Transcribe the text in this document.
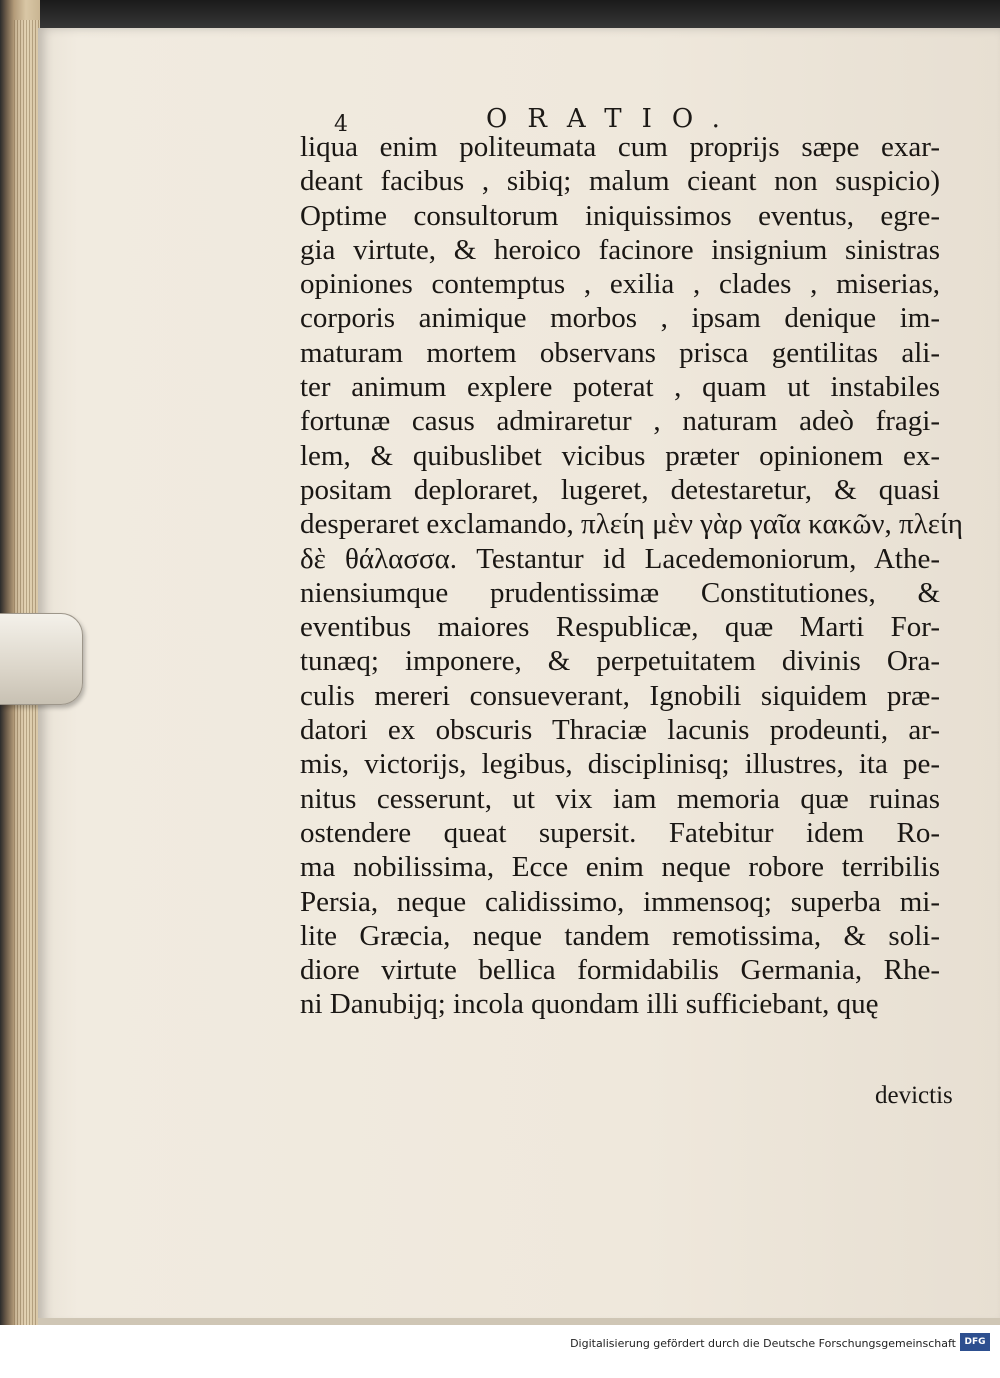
4	ORATIO.
liqua enim politeumata cum proprijs sæpe exar-
deant facibus , sibiq; malum cieant non suspicio)
Optime consultorum iniquissimos eventus, egre-
gia virtute, & heroico facinore insignium sinistras
opiniones contemptus , exilia , clades , miserias,
corporis animique morbos , ipsam denique im-
maturam mortem observans prisca gentilitas ali-
ter animum explere poterat , quam ut instabiles
fortunæ casus admiraretur , naturam adeò fragi-
lem, & quibuslibet vicibus præter opinionem ex-
positam deploraret, lugeret, detestaretur, & quasi
desperaret exclamando, πλείη μὲν γὰρ γαῖα κακῶν, πλείη
δὲ θάλασσα. Testantur id Lacedemoniorum, Athe-
niensiumque prudentissimæ Constitutiones, &
eventibus maiores Respublicæ, quæ Marti For-
tunæq; imponere, & perpetuitatem divinis Ora-
culis mereri consueverant, Ignobili siquidem præ-
datori ex obscuris Thraciæ lacunis prodeunti, ar-
mis, victorijs, legibus, disciplinisq; illustres, ita pe-
nitus cesserunt, ut vix iam memoria quæ ruinas
ostendere queat supersit. Fatebitur idem Ro-
ma nobilissima, Ecce enim neque robore terribilis
Persia, neque calidissimo, immensoq; superba mi-
lite Græcia, neque tandem remotissima, & soli-
diore virtute bellica formidabilis Germania, Rhe-
ni Danubijq; incola quondam illi sufficiebant, quę
devictis
Digitalisierung gefördert durch die Deutsche Forschungsgemeinschaft DFG
